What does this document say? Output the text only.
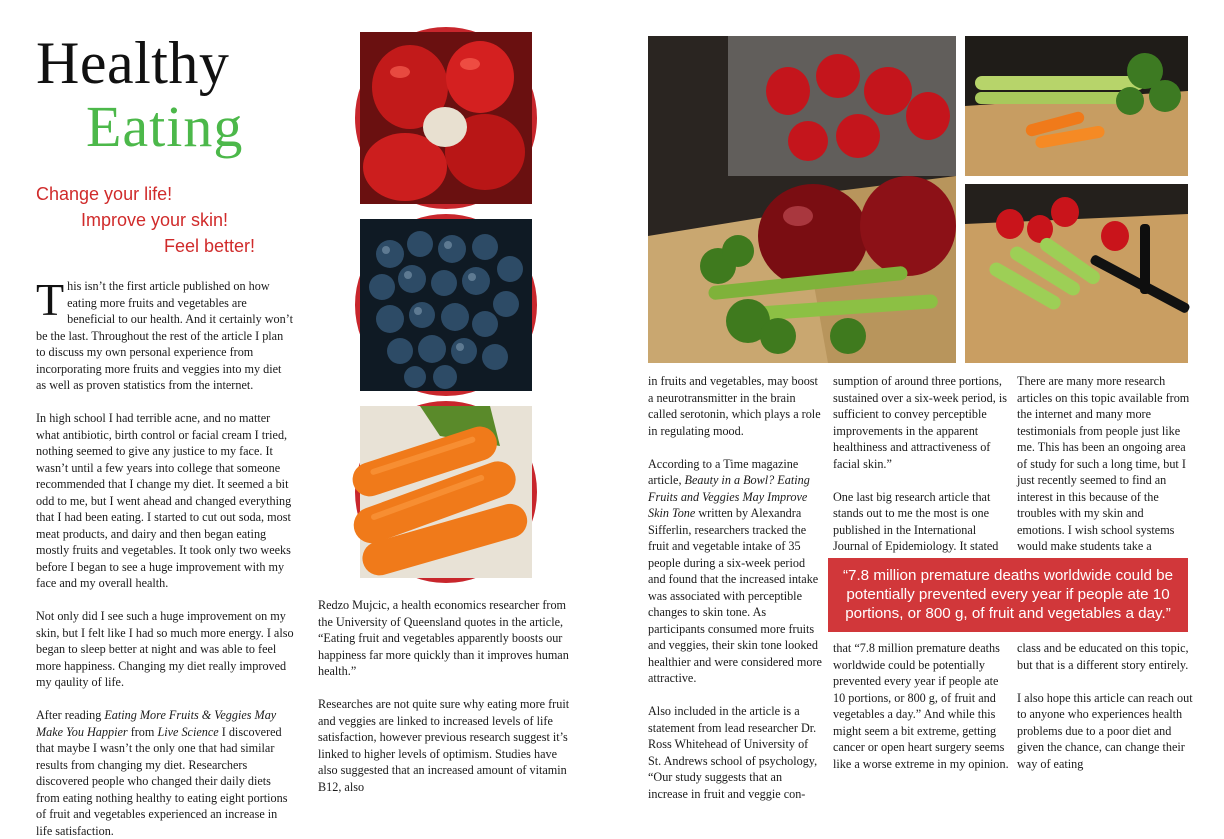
Healthy
Eating
Change your life!
Improve your skin!
Feel better!

This isn’t the first article published on how eating more fruits and vegetables are beneficial to our health. And it certainly won’t be the last. Throughout the rest of the article I plan to discuss my own personal experience from incorporating more fruits and veggies into my diet as well as proven statistics from the internet.

In high school I had terrible acne, and no matter what antibiotic, birth control or facial cream I tried, nothing seemed to give any justice to my face. It wasn’t until a few years into college that someone recommended that I change my diet. It seemed a bit odd to me, but I went ahead and changed everything that I had been eating. I started to cut out soda, most meat products, and dairy and then began eating mostly fruits and vegetables. It took only two weeks before I began to see a huge improvement with my face and my overall health.

Not only did I see such a huge improvement on my skin, but I felt like I had so much more energy. I also began to sleep better at night and was able to feel more happiness. Changing my diet really improved my qaulity of life.

After reading Eating More Fruits & Veggies May Make You Happier from Live Science I discovered that maybe I wasn’t the only one that had similar results from changing my diet. Researchers discovered people who changed their daily diets from eating nothing healthy to eating eight portions of fruit and vegetables experienced an increase in life satisfaction.

Redzo Mujcic, a health economics researcher from the University of Queensland quotes in the article, “Eating fruit and vegetables apparently boosts our happiness far more quickly than it improves human health.”

Researches are not quite sure why eating more fruit and veggies are linked to increased levels of life satisfaction, however previous research suggest it’s linked to higher levels of optimism. Studies have also suggested that an increased amount of vitamin B12, also

in fruits and vegetables, may boost a neurotransmitter in the brain called serotonin, which plays a role in regulating mood.

According to a Time magazine article, Beauty in a Bowl? Eating Fruits and Veggies May Improve Skin Tone written by Alexandra Sifferlin, researchers tracked the fruit and vegetable intake of 35 people during a six-week period and found that the increased intake was associated with perceptible changes to skin tone. As participants consumed more fruits and veggies, their skin tone looked healthier and were considered more attractive.

Also included in the article is a statement from lead researcher Dr. Ross Whitehead of University of St. Andrews school of psychology, “Our study suggests that an increase in fruit and veggie con-

sumption of around three portions, sustained over a six-week period, is sufficient to convey perceptible improvements in the apparent healthiness and attractiveness of facial skin.”

One last big research article that stands out to me the most is one published in the International Journal of Epidemiology. It stated

that “7.8 million premature deaths worldwide could be potentially prevented every year if people ate 10 portions, or 800 g, of fruit and vegetables a day.” And while this might seem a bit extreme, getting cancer or open heart surgery seems like a worse extreme in my opinion.

There are many more research articles on this topic available from the internet and many more testimonials from people just like me. This has been an ongoing area of study for such a long time, but I just recently seemed to find an interest in this because of the troubles with my skin and emotions. I wish school systems would make students take a

class and be educated on this topic, but that is a different story entirely.

I also hope this article can reach out to anyone who experiences health problems due to a poor diet and given the chance, can change their way of eating

“7.8 million premature deaths worldwide could be potentially prevented every year if people ate 10 portions, or 800 g, of fruit and vegetables a day.”
